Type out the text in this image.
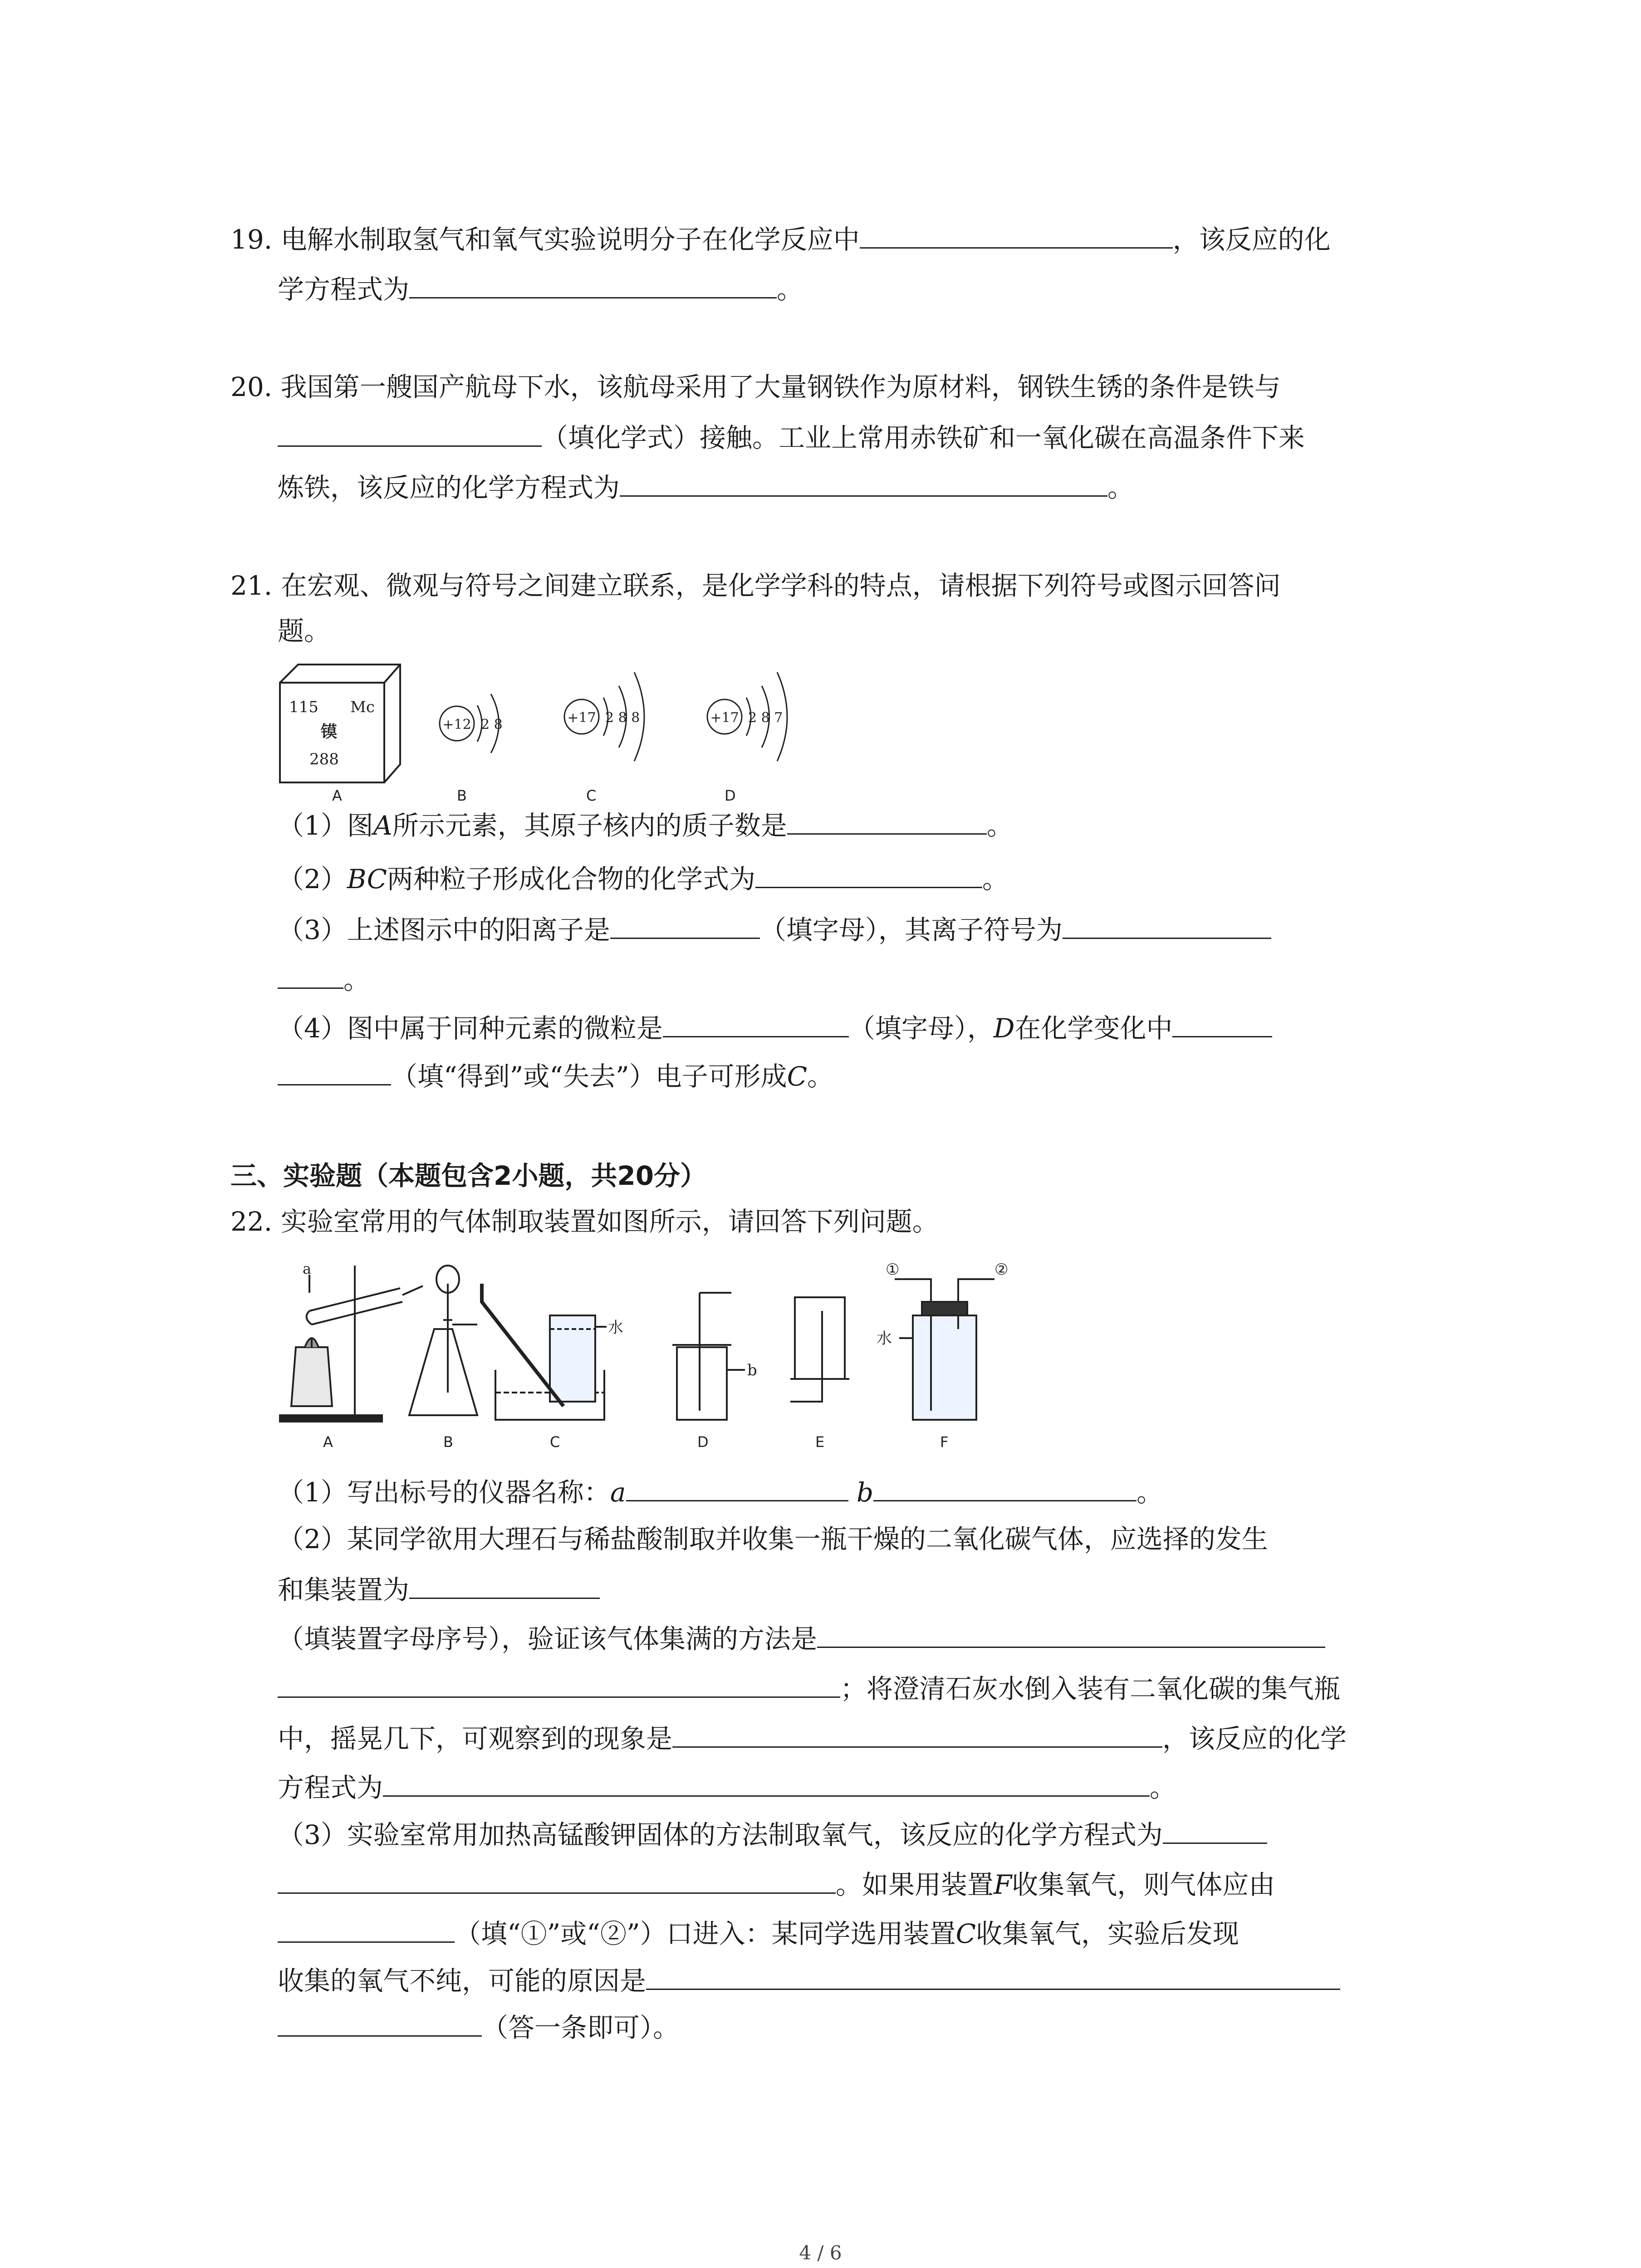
19. 电解水制取氢气和氧气实验说明分子在化学反应中	，该反应的化
学方程式为	。
20. 我国第一艘国产航母下水，该航母采用了大量钢铁作为原材料，钢铁生锈的条件是铁与
（填化学式）接触。工业上常用赤铁矿和一氧化碳在高温条件下来
炼铁，该反应的化学方程式为	。
21. 在宏观、微观与符号之间建立联系，是化学学科的特点，请根据下列符号或图示回答问
题。
115 Mc
镆
288
+12 2 8	+17 2 8 8	+17 2 8 7
A	B	C	D
（1）图A所示元素，其原子核内的质子数是	。
（2）BC两种粒子形成化合物的化学式为	。
（3）上述图示中的阳离子是	（填字母），其离子符号为
。
（4）图中属于同种元素的微粒是	（填字母），D在化学变化中
（填“得到”或“失去”）电子可形成C。
三、实验题（本题包含2小题，共20分）
22. 实验室常用的气体制取装置如图所示，请回答下列问题。
a
水
b
水
①	②
A	B	C	D	E	F
（1）写出标号的仪器名称：a	b	。
（2）某同学欲用大理石与稀盐酸制取并收集一瓶干燥的二氧化碳气体，应选择的发生
和集装置为
（填装置字母序号），验证该气体集满的方法是
；将澄清石灰水倒入装有二氧化碳的集气瓶
中，摇晃几下，可观察到的现象是	，该反应的化学
方程式为	。
（3）实验室常用加热高锰酸钾固体的方法制取氧气，该反应的化学方程式为
。如果用装置F收集氧气，则气体应由
（填“①”或“②”）口进入：某同学选用装置C收集氧气，实验后发现
收集的氧气不纯，可能的原因是
（答一条即可）。
4 / 6
